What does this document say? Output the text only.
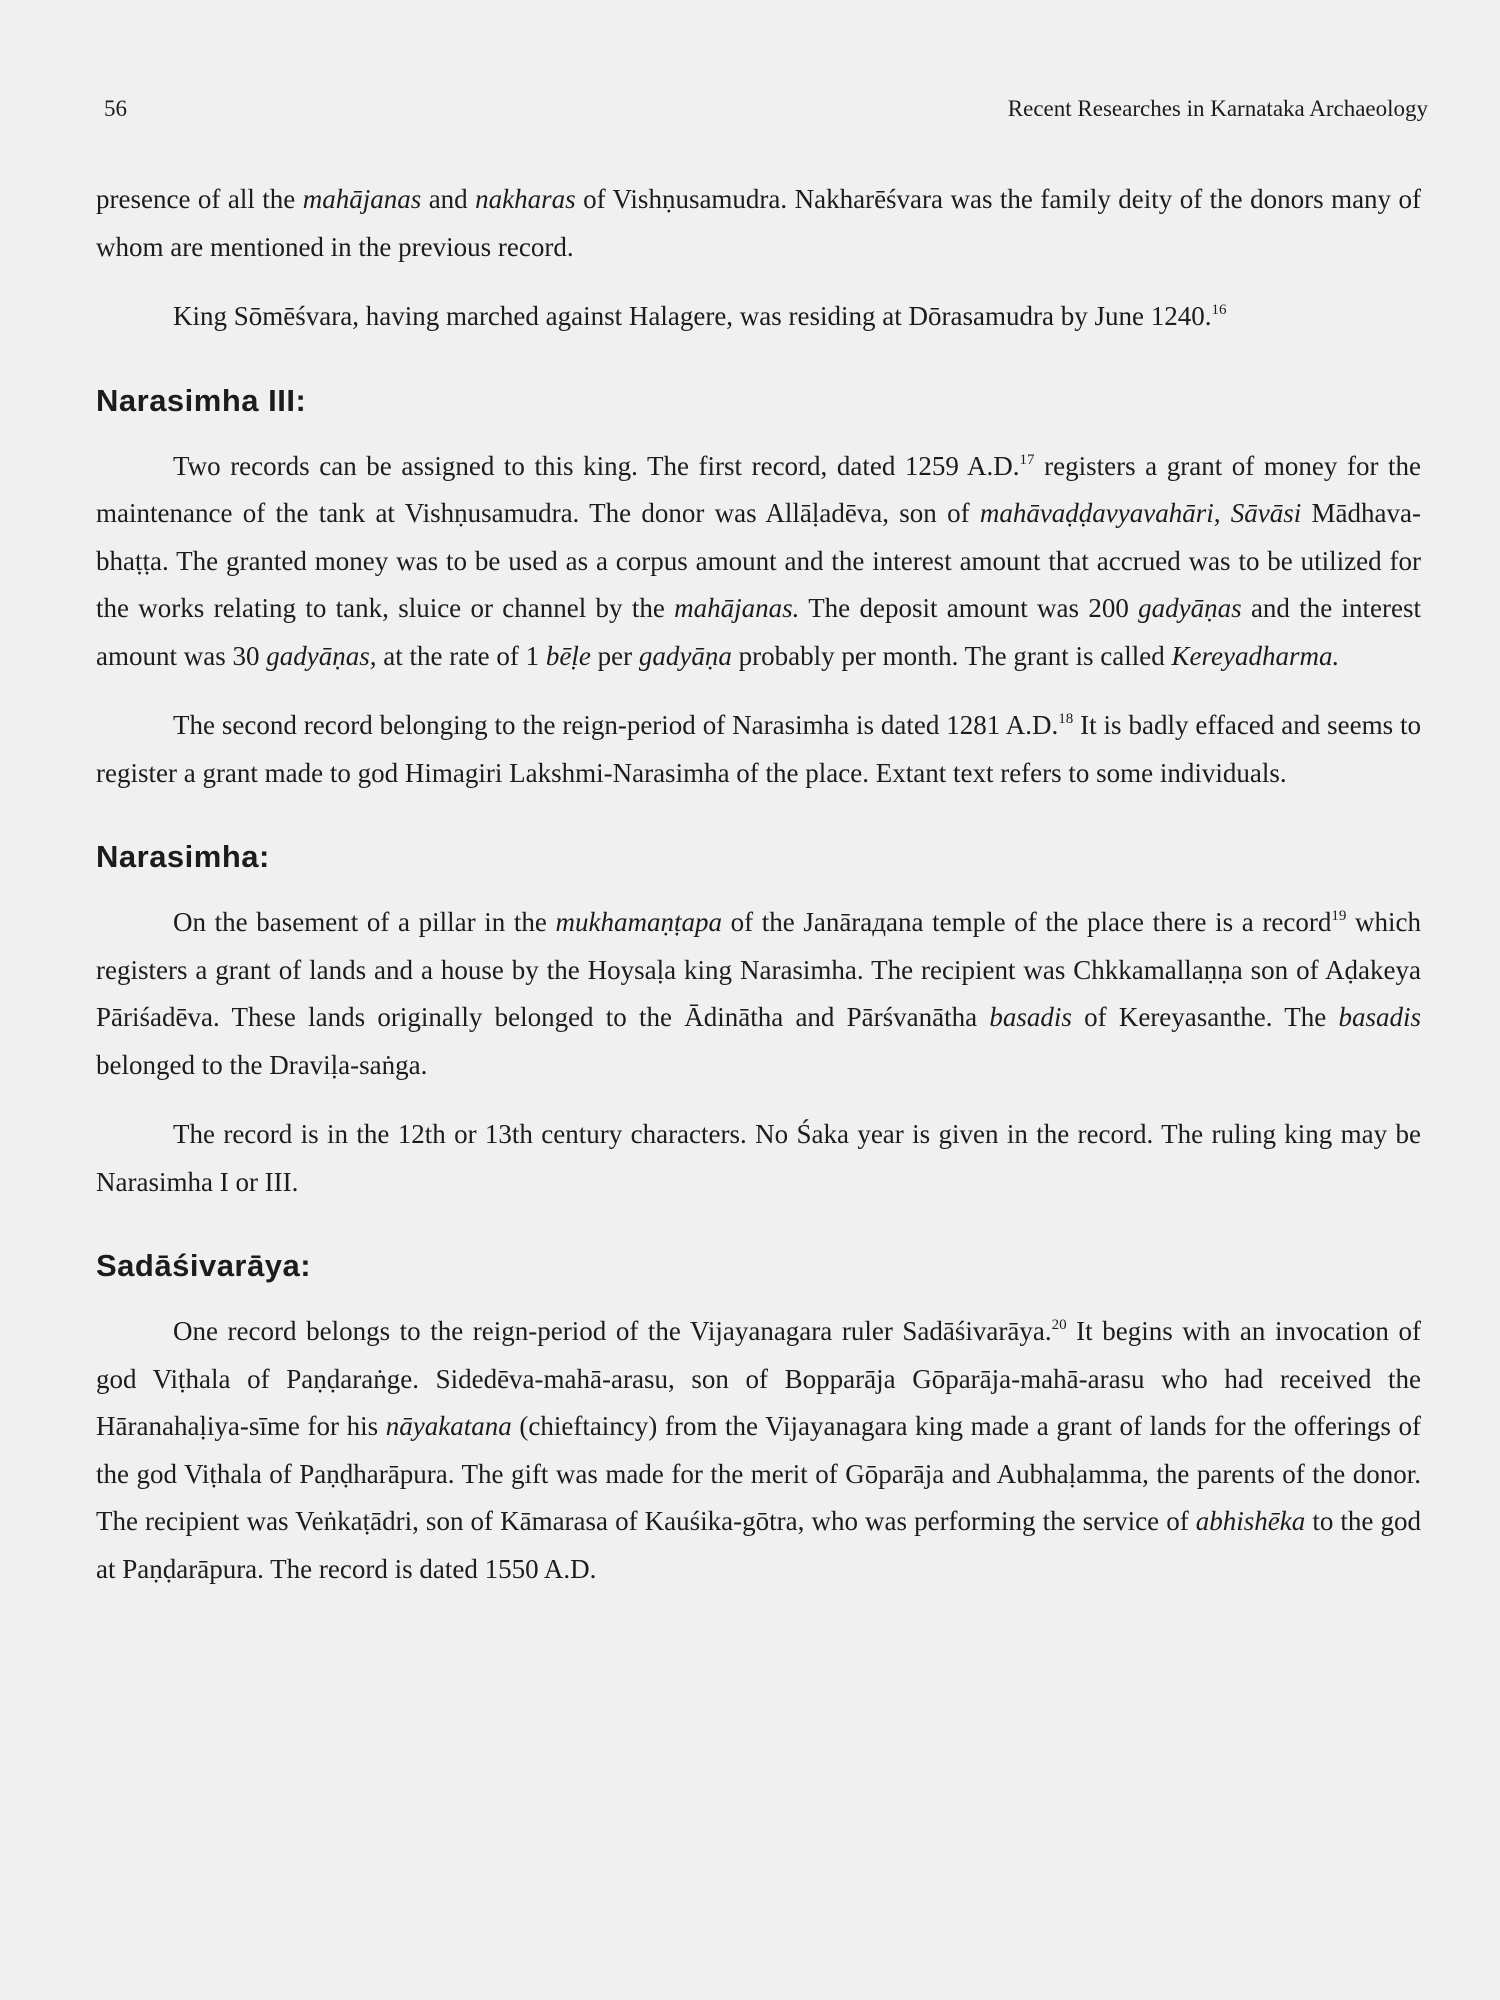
56	Recent Researches in Karnataka Archaeology

presence of all the mahājanas and nakharas of Vishṇusamudra. Nakharēśvara was the family deity of the donors many of whom are mentioned in the previous record.

King Sōmēśvara, having marched against Halagere, was residing at Dōrasamudra by June 1240.16

Narasimha III:

Two records can be assigned to this king. The first record, dated 1259 A.D.$^{17}$ registers a grant of money for the maintenance of the tank at Vishṇusamudra. The donor was Allāḷadēva, son of mahāvaḍḍavyavahāri, Sāvāsi Mādhava-bhaṭṭa. The granted money was to be used as a corpus amount and the interest amount that accrued was to be utilized for the works relating to tank, sluice or channel by the mahājanas. The deposit amount was 200 gadyāṇas and the interest amount was 30 gadyāṇas, at the rate of 1 bēḷe per gadyāṇa probably per month. The grant is called Kereyadharma.

The second record belonging to the reign-period of Narasimha is dated 1281 A.D.$^{18}$ It is badly effaced and seems to register a grant made to god Himagiri Lakshmi-Narasimha of the place. Extant text refers to some individuals.

Narasimha:

On the basement of a pillar in the mukhamaṇṭapa of the Janārадana temple of the place there is a record$^{19}$ which registers a grant of lands and a house by the Hoysaḷa king Narasimha. The recipient was Chkkamallaṇṇa son of Aḍakeya Pāriśadēva. These lands originally belonged to the Ādinātha and Pārśvanātha basadis of Kereyasanthe. The basadis belonged to the Draviḷa-saṅga.

The record is in the 12th or 13th century characters. No Śaka year is given in the record. The ruling king may be Narasimha I or III.

Sadāśivarāya:

One record belongs to the reign-period of the Vijayanagara ruler Sadāśivarāya.$^{20}$ It begins with an invocation of god Viṭhala of Paṇḍaraṅge. Sidedēva-mahā-arasu, son of Bopparāja Gōparāja-mahā-arasu who had received the Hāranahaḷiya-sīme for his nāyakatana (chieftaincy) from the Vijayanagara king made a grant of lands for the offerings of the god Viṭhala of Paṇḍharāpura. The gift was made for the merit of Gōparāja and Aubhaḷamma, the parents of the donor. The recipient was Veṅkaṭādri, son of Kāmarasa of Kauśika-gōtra, who was performing the service of abhishēka to the god at Paṇḍarāpura. The record is dated 1550 A.D.
